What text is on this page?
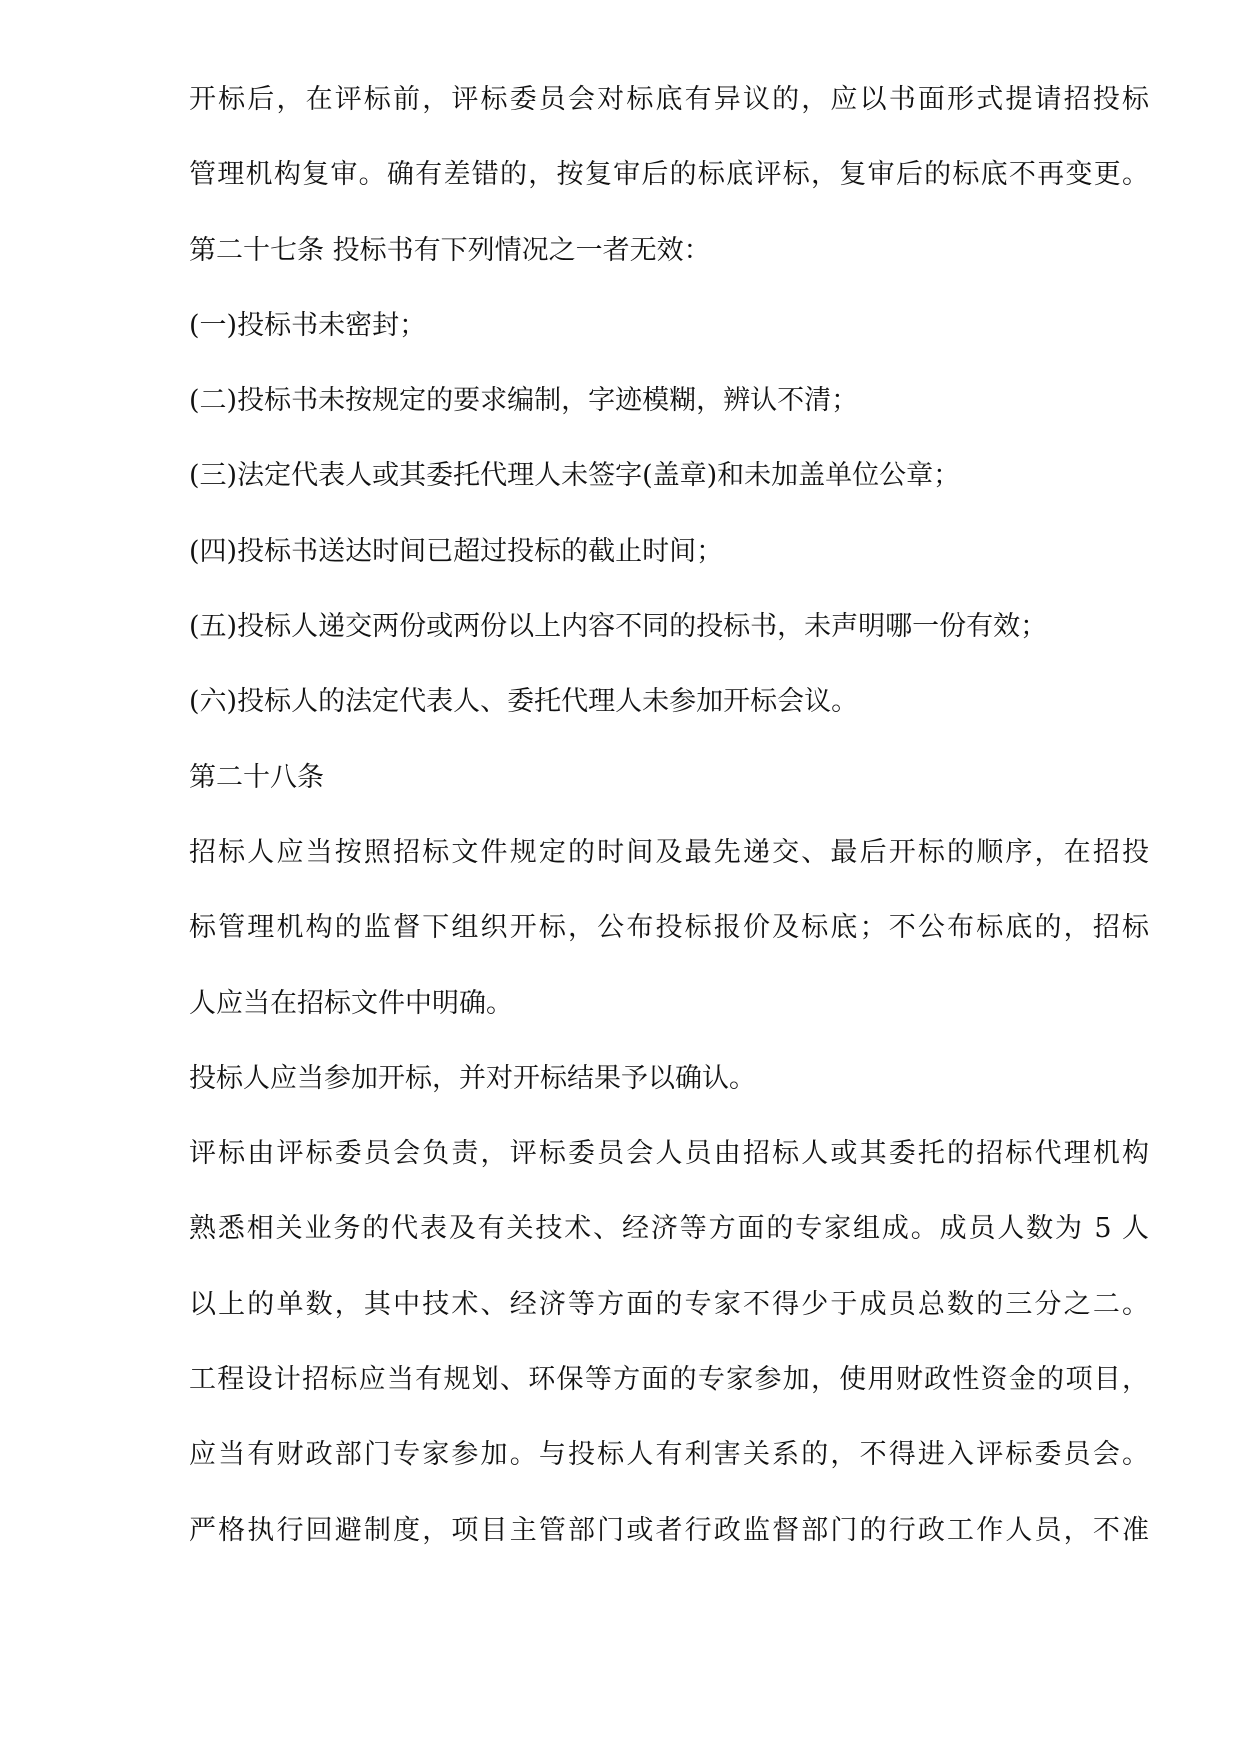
开标后，在评标前，评标委员会对标底有异议的，应以书面形式提请招投标
管理机构复审。确有差错的，按复审后的标底评标，复审后的标底不再变更。
第二十七条 投标书有下列情况之一者无效：
(一)投标书未密封；
(二)投标书未按规定的要求编制，字迹模糊，辨认不清；
(三)法定代表人或其委托代理人未签字(盖章)和未加盖单位公章；
(四)投标书送达时间已超过投标的截止时间；
(五)投标人递交两份或两份以上内容不同的投标书，未声明哪一份有效；
(六)投标人的法定代表人、委托代理人未参加开标会议。
第二十八条
招标人应当按照招标文件规定的时间及最先递交、最后开标的顺序，在招投
标管理机构的监督下组织开标，公布投标报价及标底；不公布标底的，招标
人应当在招标文件中明确。
投标人应当参加开标，并对开标结果予以确认。
评标由评标委员会负责，评标委员会人员由招标人或其委托的招标代理机构
熟悉相关业务的代表及有关技术、经济等方面的专家组成。成员人数为 5 人
以上的单数，其中技术、经济等方面的专家不得少于成员总数的三分之二。
工程设计招标应当有规划、环保等方面的专家参加，使用财政性资金的项目，
应当有财政部门专家参加。与投标人有利害关系的，不得进入评标委员会。
严格执行回避制度，项目主管部门或者行政监督部门的行政工作人员，不准
